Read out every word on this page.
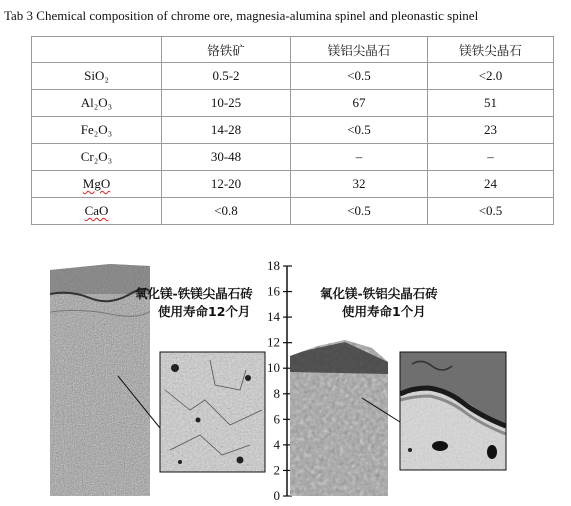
Tab 3 Chemical composition of chrome ore, magnesia-alumina spinel and pleonastic spinel
	铬铁矿	镁铝尖晶石	镁铁尖晶石
SiO₂	0.5-2	<0.5	<2.0
Al₂O₃	10-25	67	51
Fe₂O₃	14-28	<0.5	23
Cr₂O₃	30-48	–	–
MgO	12-20	32	24
CaO	<0.8	<0.5	<0.5
氧化镁-铁镁尖晶石砖
使用寿命12个月
0
2
4
6
8
10
12
14
16
18
氧化镁-铁铝尖晶石砖
使用寿命1个月
